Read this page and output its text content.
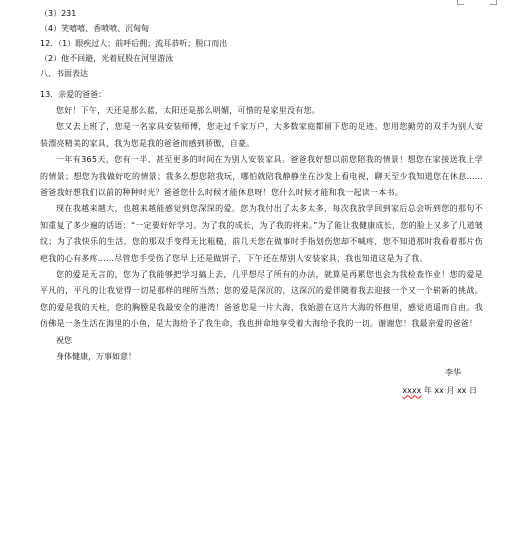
（3）231
（4）笑嘻嘻、香喷喷、沉甸甸
12．（1）眼疾过人；前呼后拥；流耳恭听；脱口而出
（2）他不回避，光着屁股在河里游泳
八、书面表达
13．亲爱的爸爸：

您好！下午，天还是那么蓝，太阳还是那么明媚，可惜的是家里没有您。

您又去上班了，您是一名家具安装师傅，您走过千家万户，大多数家庭都留下您的足迹。您用您勤劳的双手为别人安装漂亮精美的家具，我为您是我的爸爸而感到骄傲，自豪。

一年有365天，您有一半、甚至更多的时间在为别人安装家具。爸爸我好想以前您陪我的情景！想您在家接送我上学的情景；想您为我做好吃的情景；我多么想您陪我玩，哪怕就陪我静静坐在沙发上看电视，聊天至少我知道您在休息……爸爸我好想我们以前的种种时光？爸爸您什么时候才能休息呀！您什么时候才能和我一起读一本书。

现在我越来越大，也越来越能感觉到您深深的爱。您为我付出了太多太多，每次我放学回到家后总会听到您的那句不知重复了多少遍的话语：“一定要好好学习。为了我的成长，为了我的将来。”为了能让我健康成长，您的脸上又多了几道皱纹；为了我快乐的生活，您的那双手变得无比粗糙，前几天您在做事时手指划伤您却不喊疼，您不知道那时我看着那片伤疤我的心有多疼……尽管您手受伤了您早上还是做饼子，下午还在帮别人安装家具，我也知道这是为了我。

您的爱是无言的，您为了我能够把学习搞上去，几乎想尽了所有的办法，就算是再累您也会为我检查作业！您的爱是平凡的，平凡的让我觉得一切是那样的理所当然；您的爱是深沉的，这深沉的爱伴随着我去迎接一个又一个崭新的挑战。您的爱是我的天柱，您的胸膛是我最安全的港湾！爸爸您是一片大海，我始游在这片大海的怀抱里，感觉逍遥而自由。我仿佛是一条生活在海里的小鱼，是大海给予了我生命，我也拼命地享受着大海给予我的一切。谢谢您！我最亲爱的爸爸！

祝您
身体健康，万事如意！
李华
xxxx 年 xx 月 xx 日
